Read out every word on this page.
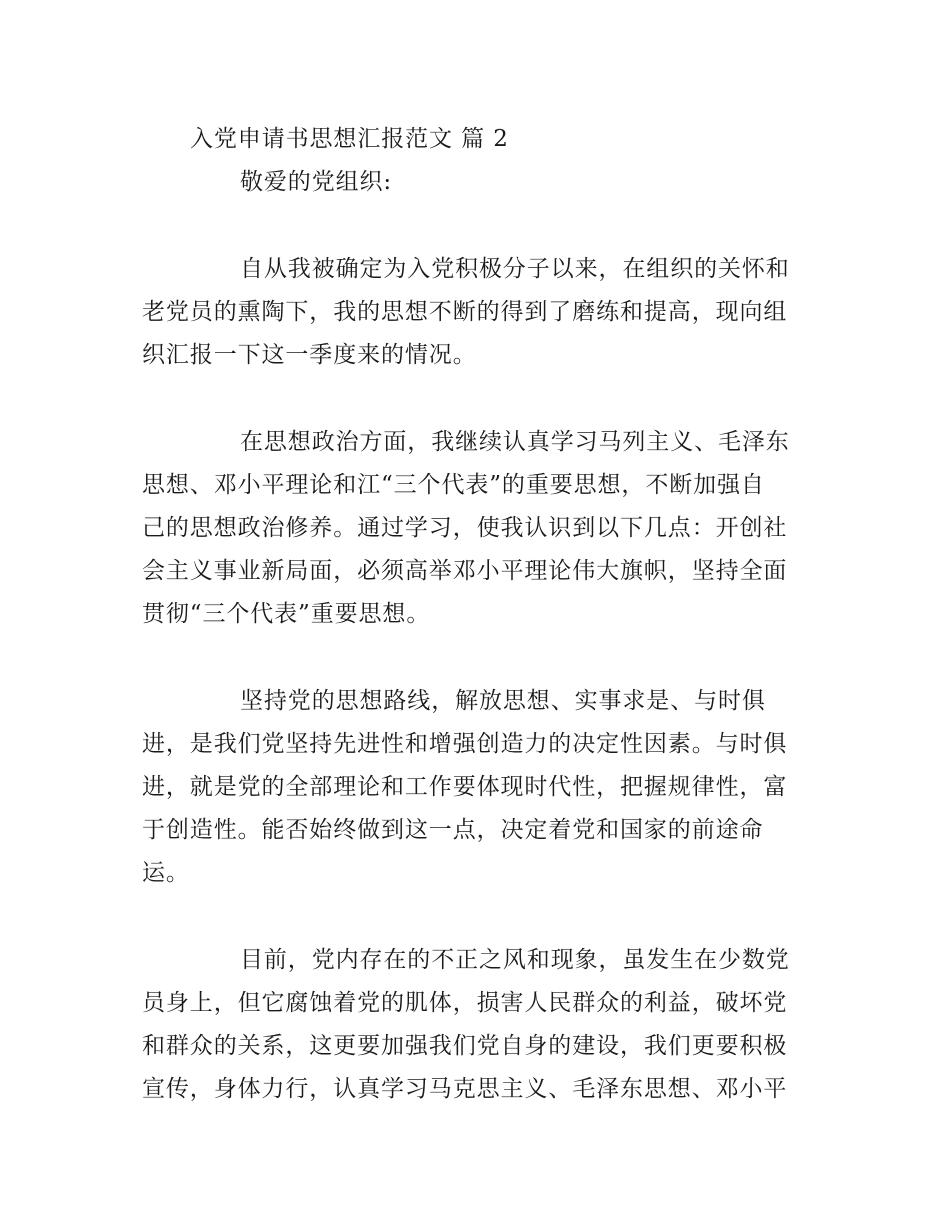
入党申请书思想汇报范文 篇 2
敬爱的党组织:
自从我被确定为入党积极分子以来，在组织的关怀和
老党员的熏陶下，我的思想不断的得到了磨练和提高，现向组
织汇报一下这一季度来的情况。
在思想政治方面，我继续认真学习马列主义、毛泽东
思想、邓小平理论和江“三个代表”的重要思想，不断加强自
己的思想政治修养。通过学习，使我认识到以下几点：开创社
会主义事业新局面，必须高举邓小平理论伟大旗帜，坚持全面
贯彻“三个代表”重要思想。
坚持党的思想路线，解放思想、实事求是、与时俱
进，是我们党坚持先进性和增强创造力的决定性因素。与时俱
进，就是党的全部理论和工作要体现时代性，把握规律性，富
于创造性。能否始终做到这一点，决定着党和国家的前途命
运。
目前，党内存在的不正之风和现象，虽发生在少数党
员身上，但它腐蚀着党的肌体，损害人民群众的利益，破坏党
和群众的关系，这更要加强我们党自身的建设，我们更要积极
宣传，身体力行，认真学习马克思主义、毛泽东思想、邓小平
